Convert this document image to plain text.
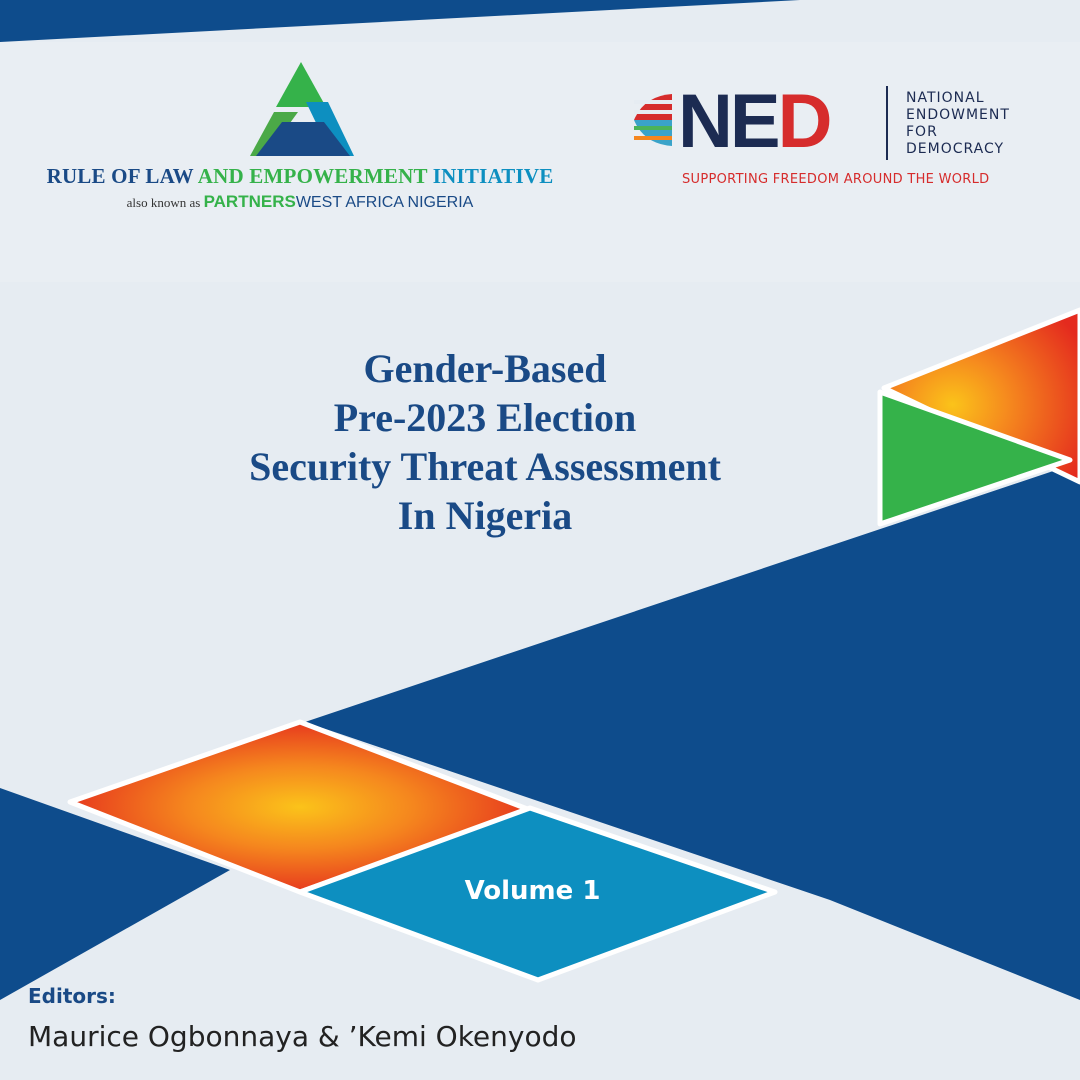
RULE OF LAW AND EMPOWERMENT INITIATIVE
also known as PARTNERSWEST AFRICA NIGERIA
NED	NATIONAL
ENDOWMENT
FOR
DEMOCRACY
SUPPORTING FREEDOM AROUND THE WORLD
Gender-Based
Pre-2023 Election
Security Threat Assessment
In Nigeria
Volume 1
Editors:
Maurice Ogbonnaya & ’Kemi Okenyodo
